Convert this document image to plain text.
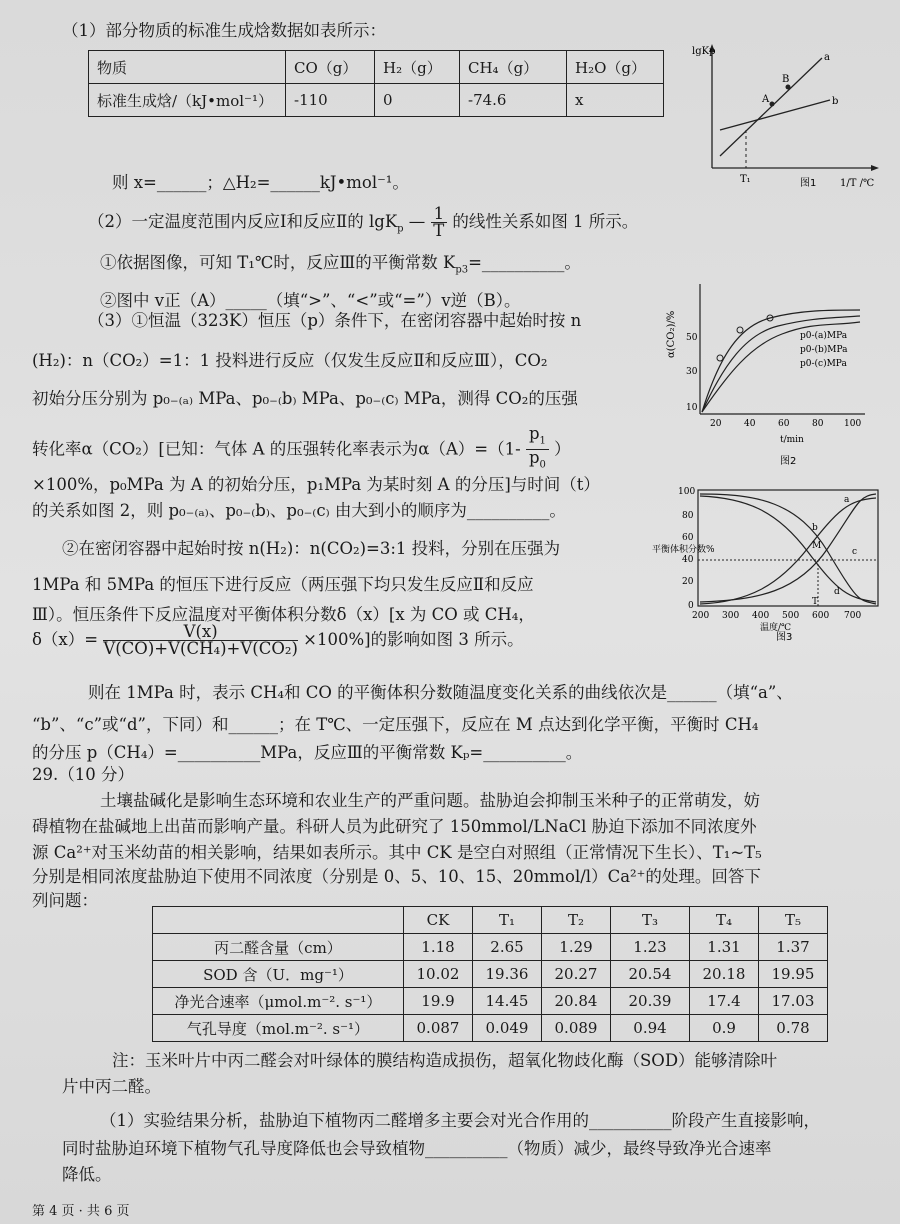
（1）部分物质的标准生成焓数据如表所示：
物质	CO（g）	H₂（g）	CH₄（g）	H₂O（g）
标准生成焓/（kJ•mol⁻¹）	-110	0	-74.6	x
则 x=______；△H₂=______kJ•mol⁻¹。
（2）一定温度范围内反应Ⅰ和反应Ⅱ的 lgK$_p$ — $\frac{1}{T}$ 的线性关系如图 1 所示。
①依据图像，可知 T₁℃时，反应Ⅲ的平衡常数 $K_{p3}=\_\_\_\_\_\_\_\_\_\_$。
②图中 v正（A）_____（填“>”、“<”或“=”）v逆（B）。
（3）①恒温（323K）恒压（p）条件下，在密闭容器中起始时按 n
(H₂)：n（CO₂）=1：1 投料进行反应（仅发生反应Ⅱ和反应Ⅲ），CO₂
初始分压分别为 p₀₋₍ₐ₎ MPa、p₀₋₍b₎ MPa、p₀₋₍c₎ MPa，测得 CO₂的压强
转化率α（CO₂）[已知：气体 A 的压强转化率表示为$\alpha(A)=(1- \frac{p_1}{p_0}$ ）
×100%，p₀MPa 为 A 的初始分压，p₁MPa 为某时刻 A 的分压]与时间（t）
的关系如图 2，则 p₀₋₍ₐ₎、p₀₋₍b₎、p₀₋₍c₎ 由大到小的顺序为__________。
②在密闭容器中起始时按 n(H₂)：n(CO₂)=3:1 投料，分别在压强为
1MPa 和 5MPa 的恒压下进行反应（两压强下均只发生反应Ⅱ和反应
Ⅲ）。恒压条件下反应温度对平衡体积分数δ（x）[x 为 CO 或 CH₄，
$\delta(x)= \frac{V(x)}{\text{V(CO)+V(CH₄)+V(CO₂)}} \times 100\%$]的影响如图 3 所示。
则在 1MPa 时，表示 CH₄和 CO 的平衡体积分数随温度变化关系的曲线依次是______（填“a”、
“b”、“c”或“d”，下同）和______；在 T℃、一定压强下，反应在 M 点达到化学平衡，平衡时 CH₄
的分压 p（CH₄）=__________MPa，反应Ⅲ的平衡常数 Kₚ=__________。
29.（10 分）
土壤盐碱化是影响生态环境和农业生产的严重问题。盐胁迫会抑制玉米种子的正常萌发，妨
碍植物在盐碱地上出苗而影响产量。科研人员为此研究了 150mmol/LNaCl 胁迫下添加不同浓度外
源 Ca²⁺对玉米幼苗的相关影响，结果如表所示。其中 CK 是空白对照组（正常情况下生长）、T₁~T₅
分别是相同浓度盐胁迫下使用不同浓度（分别是 0、5、10、15、20mmol/l）Ca²⁺的处理。回答下
列问题：
	CK	T₁	T₂	T₃	T₄	T₅
丙二醛含量（cm）	1.18	2.65	1.29	1.23	1.31	1.37
SOD 含（U．mg⁻¹）	10.02	19.36	20.27	20.54	20.18	19.95
净光合速率（μmol.m⁻². s⁻¹）	19.9	14.45	20.84	20.39	17.4	17.03
气孔导度（mol.m⁻². s⁻¹）	0.087	0.049	0.089	0.94	0.9	0.78
注：玉米叶片中丙二醛会对叶绿体的膜结构造成损伤，超氧化物歧化酶（SOD）能够清除叶
片中丙二醛。
（1）实验结果分析，盐胁迫下植物丙二醛增多主要会对光合作用的__________阶段产生直接影响，
同时盐胁迫环境下植物气孔导度降低也会导致植物__________（物质）减少，最终导致净光合速率
降低。
lgKp
1/T /℃
T₁
a
b
A
B
图1
α(CO₂)/%
10
30
50
20	40	60	80 100
t/min
p0-(a)MPa
p0-(b)MPa
p0-(c)MPa
图2
平衡体积分数%
100
80
60
40
20
0
200 300 400 500 600 700
温度/℃
a
b
c
d
M
T
图3
第 4 页 · 共 6 页
